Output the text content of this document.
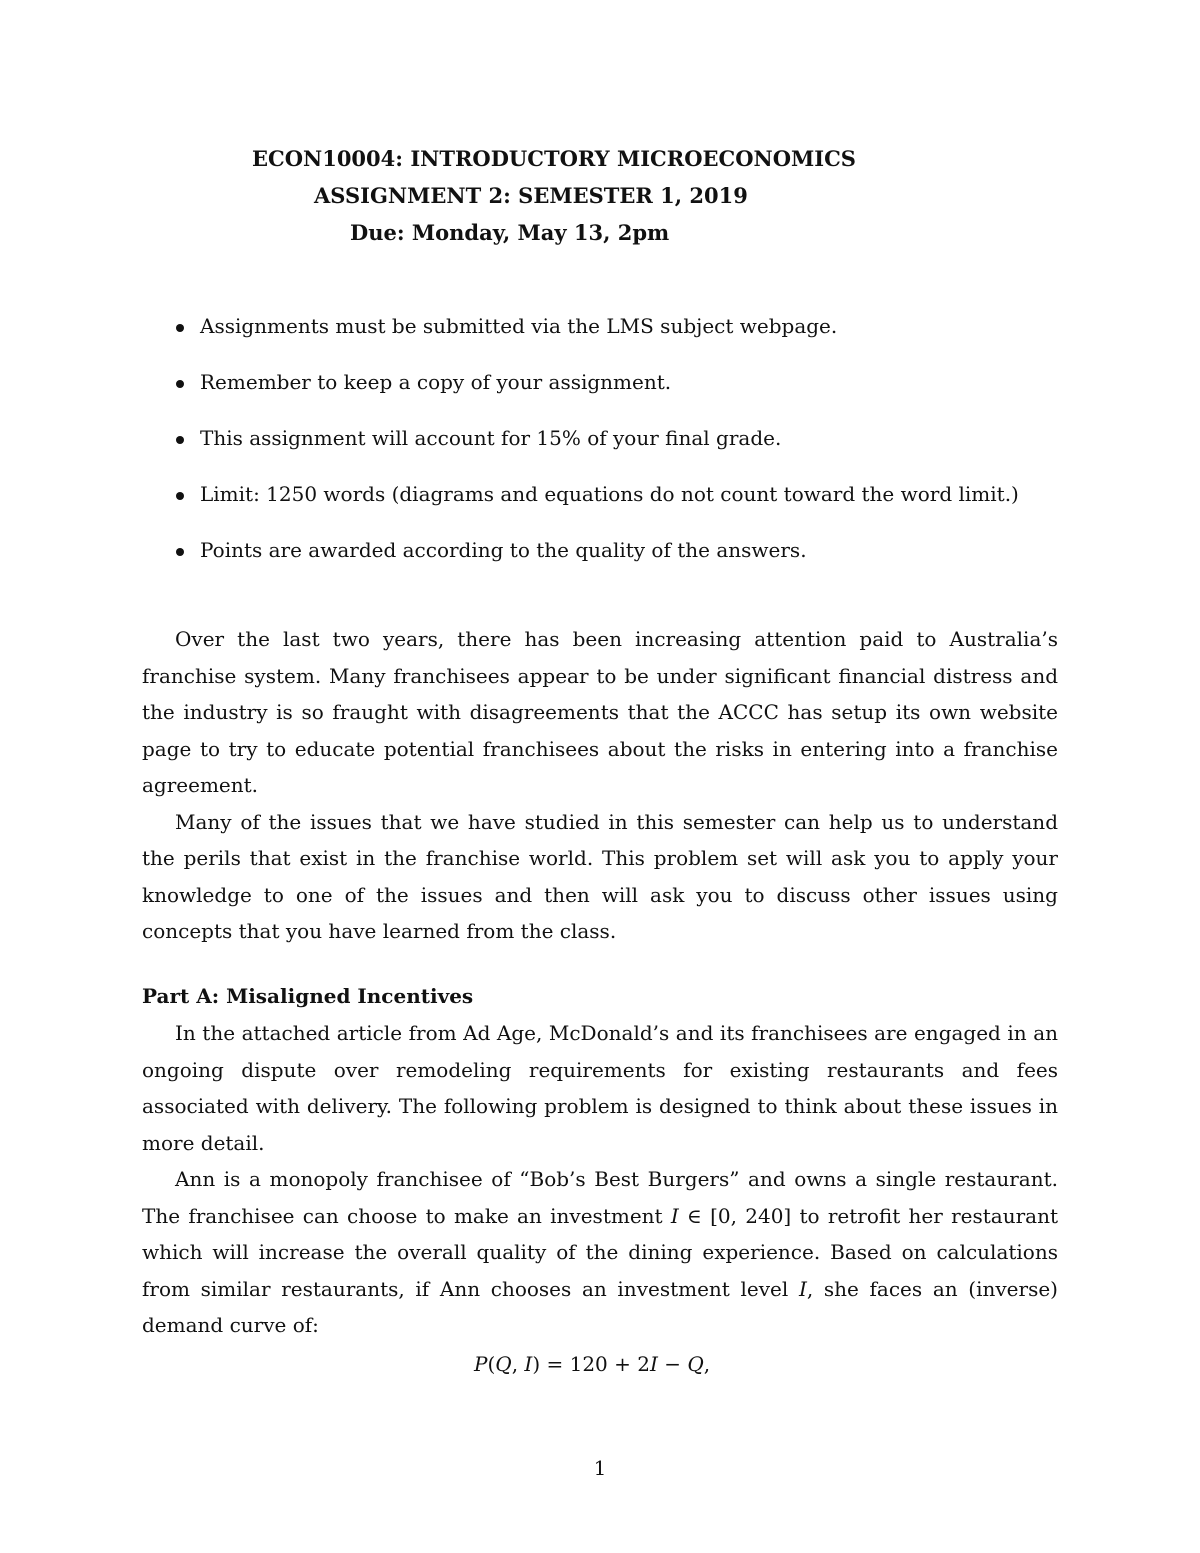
ECON10004: INTRODUCTORY MICROECONOMICS
ASSIGNMENT 2: SEMESTER 1, 2019
Due: Monday, May 13, 2pm
Assignments must be submitted via the LMS subject webpage.
Remember to keep a copy of your assignment.
This assignment will account for 15% of your final grade.
Limit: 1250 words (diagrams and equations do not count toward the word limit.)
Points are awarded according to the quality of the answers.

Over the last two years, there has been increasing attention paid to Australia’s franchise system. Many franchisees appear to be under significant financial distress and the industry is so fraught with disagreements that the ACCC has setup its own website page to try to educate potential franchisees about the risks in entering into a franchise agreement.

Many of the issues that we have studied in this semester can help us to understand the perils that exist in the franchise world. This problem set will ask you to apply your knowledge to one of the issues and then will ask you to discuss other issues using concepts that you have learned from the class.

Part A: Misaligned Incentives

In the attached article from Ad Age, McDonald’s and its franchisees are engaged in an ongoing dispute over remodeling requirements for existing restaurants and fees associated with delivery. The following problem is designed to think about these issues in more detail.

Ann is a monopoly franchisee of “Bob’s Best Burgers” and owns a single restaurant. The franchisee can choose to make an investment I ∈ [0, 240] to retrofit her restaurant which will increase the overall quality of the dining experience. Based on calculations from similar restaurants, if Ann chooses an investment level I, she faces an (inverse) demand curve of:

P(Q, I) = 120 + 2I − Q,
1
